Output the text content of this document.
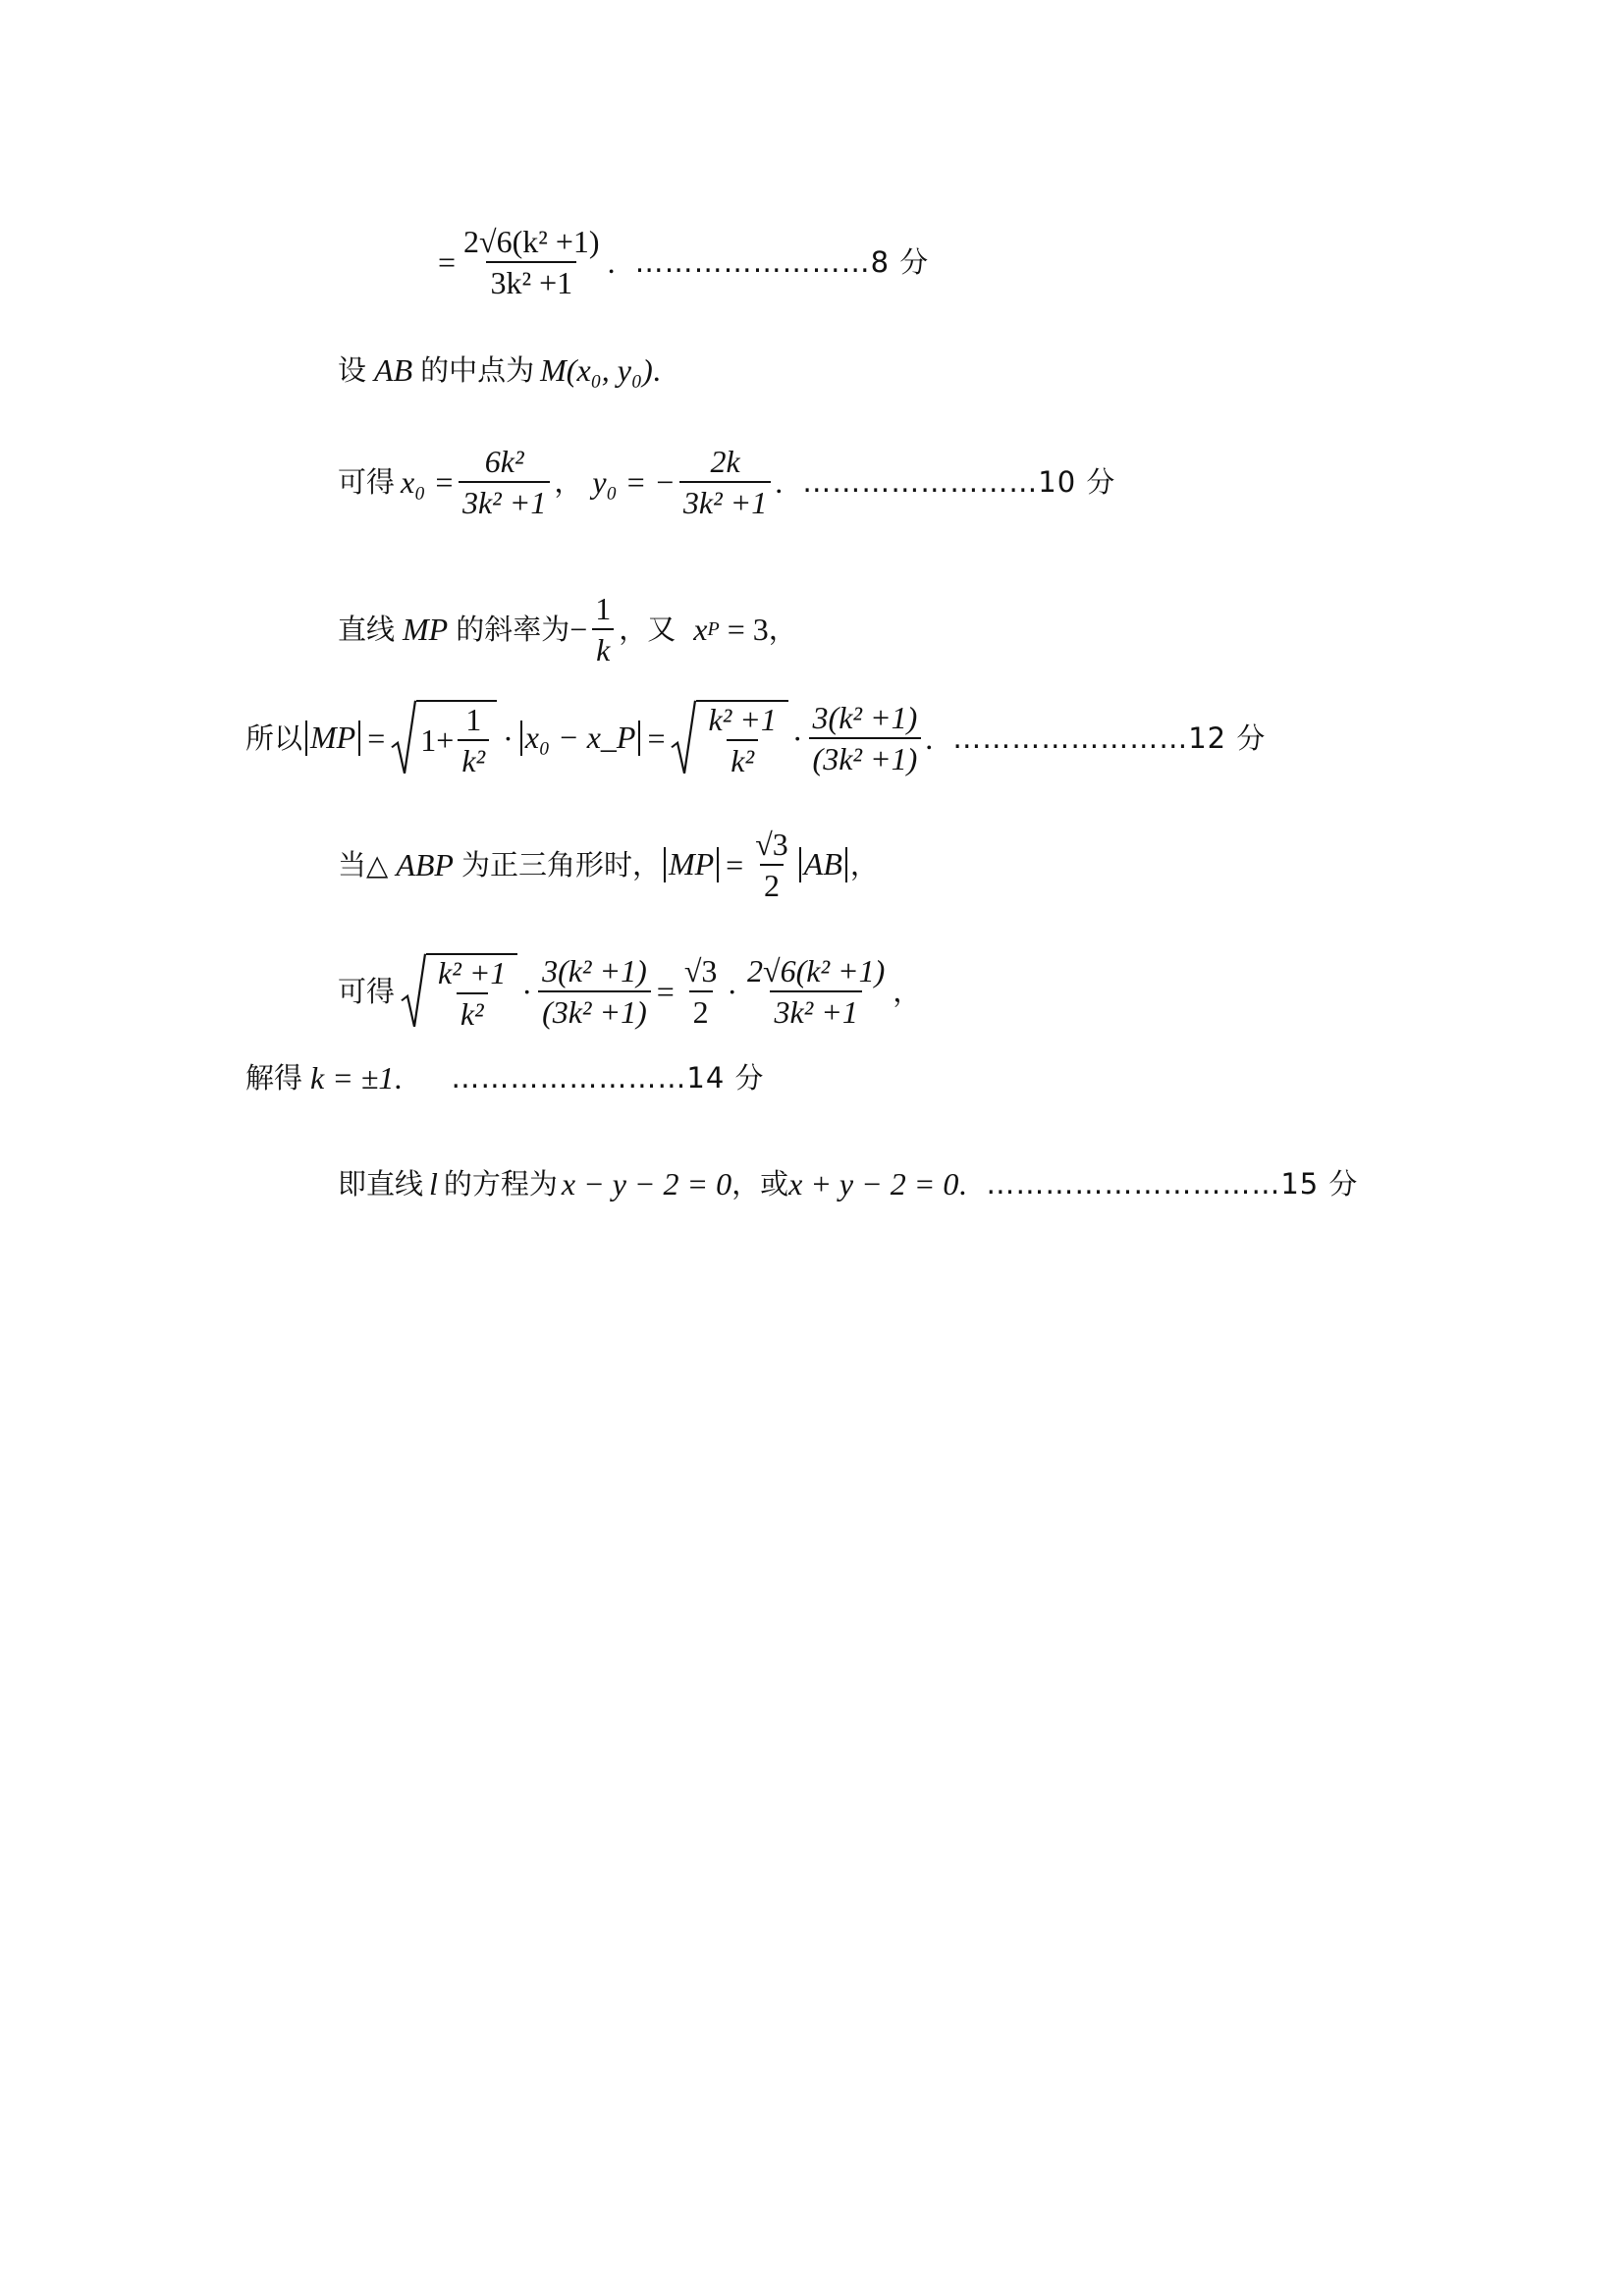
= $\frac{\text{2√6(k² +1)}}{\text{3k² +1}}$ . ……………………8 分
设 AB 的中点为 M(x₀, y₀) .
可得 $x_0 = \frac{\text{6k²}}{\text{3k² +1}}$ ， y₀ = − $\frac{2k}{\text{3k² +1}}$ . ……………………10 分
直线 MP 的斜率为 − $\frac{1}{k}$ ，又 x P = 3 ，
所以 MP = $1+ \frac{1}{\text{k²}} \cdot x_0$ − x_P = $\frac{\text{k² +1}}{\text{k²}} \cdot \frac{\text{3(k² +1)}}{\text{(3k² +1)}}$ . ……………………12 分
当△ ABP 为正三角形时， MP = $\frac{√3}{2}$ AB ，
可得 $\frac{\text{k² +1}}{\text{k²}} \cdot \frac{\text{3(k² +1)}}{\text{(3k² +1)}} = \frac{√3}{2} \cdot \frac{\text{2√6(k² +1)}}{\text{3k² +1}}$ ，
解得 k = ±1 . ……………………14 分
即直线 l 的方程为 x − y − 2 = 0 ，或 x + y − 2 = 0 . …………………………15 分
